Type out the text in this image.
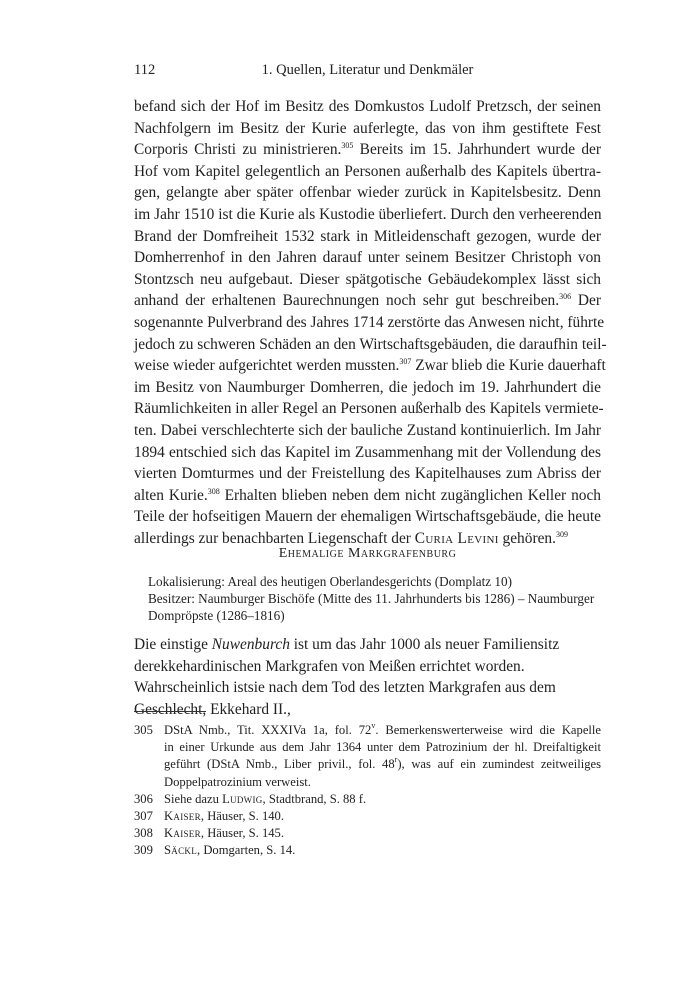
112	1. Quellen, Literatur und Denkmäler
befand sich der Hof im Besitz des Domkustos Ludolf Pretzsch, der seinen
Nachfolgern im Besitz der Kurie auferlegte, das von ihm gestiftete Fest
Corporis Christi zu ministrieren.$^{305}$ Bereits im 15. Jahrhundert wurde der
Hof vom Kapitel gelegentlich an Personen außerhalb des Kapitels übertra-
gen, gelangte aber später offenbar wieder zurück in Kapitelsbesitz. Denn
im Jahr 1510 ist die Kurie als Kustodie überliefert. Durch den verheerenden
Brand der Domfreiheit 1532 stark in Mitleidenschaft gezogen, wurde der
Domherrenhof in den Jahren darauf unter seinem Besitzer Christoph von
Stontzsch neu aufgebaut. Dieser spätgotische Gebäudekomplex lässt sich
anhand der erhaltenen Baurechnungen noch sehr gut beschreiben.$^{306}$ Der
sogenannte Pulverbrand des Jahres 1714 zerstörte das Anwesen nicht, führte
jedoch zu schweren Schäden an den Wirtschaftsgebäuden, die daraufhin teil-
weise wieder aufgerichtet werden mussten.$^{307}$ Zwar blieb die Kurie dauerhaft
im Besitz von Naumburger Domherren, die jedoch im 19. Jahrhundert die
Räumlichkeiten in aller Regel an Personen außerhalb des Kapitels vermiete-
ten. Dabei verschlechterte sich der bauliche Zustand kontinuierlich. Im Jahr
1894 entschied sich das Kapitel im Zusammenhang mit der Vollendung des
vierten Domturmes und der Freistellung des Kapitelhauses zum Abriss der
alten Kurie.$^{308}$ Erhalten blieben neben dem nicht zugänglichen Keller noch
Teile der hofseitigen Mauern der ehemaligen Wirtschaftsgebäude, die heute
allerdings zur benachbarten Liegenschaft der Curia Levini gehören.$^{309}$
Ehemalige Markgrafenburg
Lokalisierung: Areal des heutigen Oberlandesgerichts (Domplatz 10)
Besitzer: Naumburger Bischöfe (Mitte des 11. Jahrhunderts bis 1286) – Naumburger
Dompröpste (1286–1816)
Die einstige Nuwenburch ist um das Jahr 1000 als neuer Familiensitz derekkehardinischen Markgrafen von Meißen errichtet worden. Wahrscheinlich istsie nach dem Tod des letzten Markgrafen aus dem Geschlecht, Ekkehard II.,
305 DStA Nmb., Tit. XXXIVa 1a, fol. 72$^v$. Bemerkenswerterweise wird die Kapelle
in einer Urkunde aus dem Jahr 1364 unter dem Patrozinium der hl. Dreifaltigkeit
geführt (DStA Nmb., Liber privil., fol. 48$^r$), was auf ein zumindest zeitweiliges
Doppelpatrozinium verweist.
306 Siehe dazu Ludwig, Stadtbrand, S. 88 f.
307 Kaiser, Häuser, S. 140.
308 Kaiser, Häuser, S. 145.
309 Säckl, Domgarten, S. 14.
